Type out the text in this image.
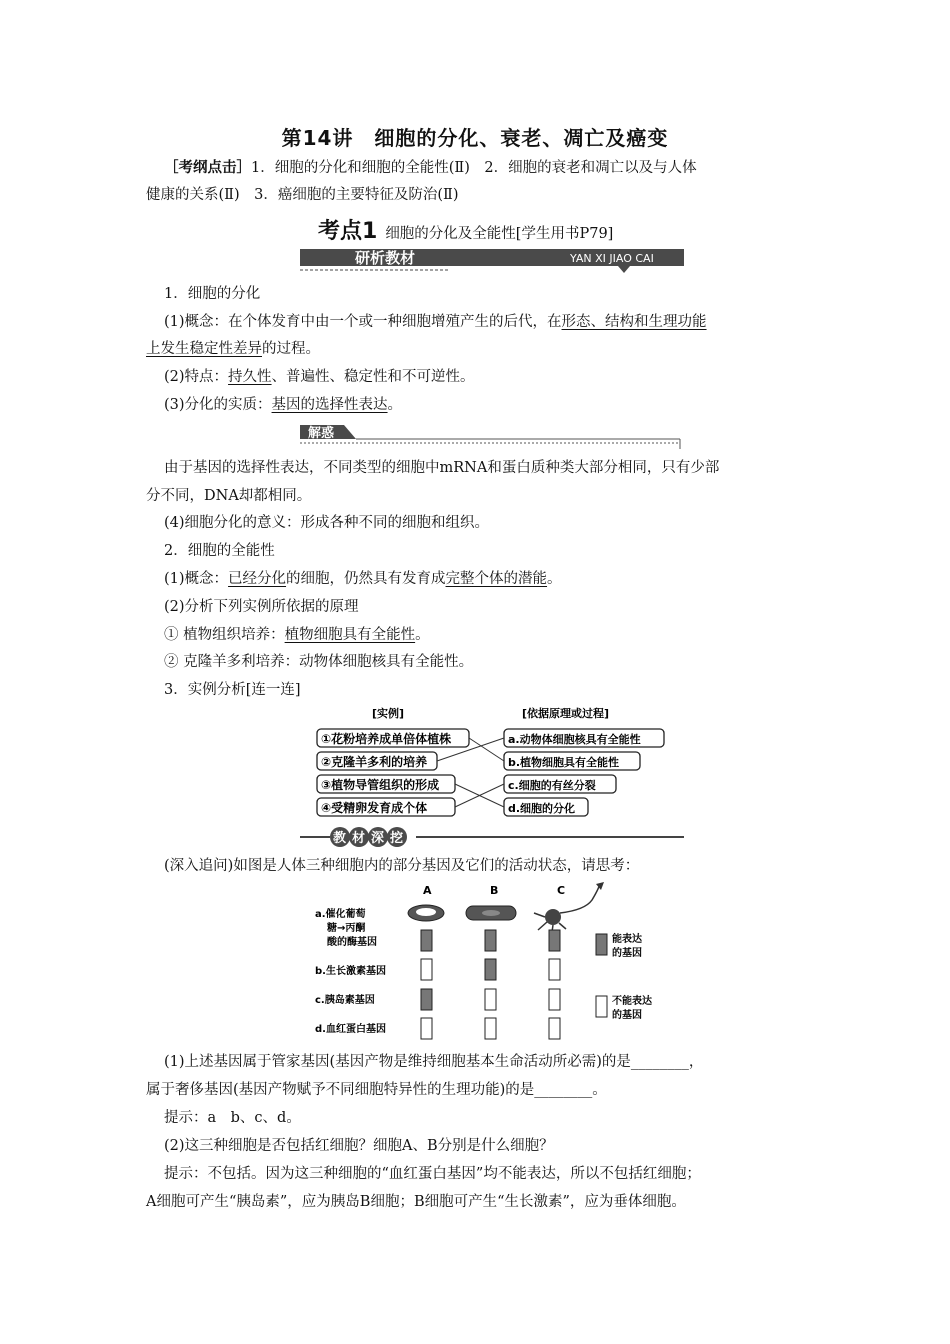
第14讲　细胞的分化、衰老、凋亡及癌变
［考纲点击］1．细胞的分化和细胞的全能性(Ⅱ)　2．细胞的衰老和凋亡以及与人体
健康的关系(Ⅱ)　3．癌细胞的主要特征及防治(Ⅱ)
考点1 细胞的分化及全能性[学生用书P79]
研析教材	YAN XI JIAO CAI
1．细胞的分化
(1)概念：在个体发育中由一个或一种细胞增殖产生的后代，在形态、结构和生理功能
上发生稳定性差异的过程。
(2)特点：持久性、普遍性、稳定性和不可逆性。
(3)分化的实质：基因的选择性表达。
解惑
由于基因的选择性表达，不同类型的细胞中mRNA和蛋白质种类大部分相同，只有少部
分不同，DNA却都相同。
(4)细胞分化的意义：形成各种不同的细胞和组织。
2．细胞的全能性
(1)概念：已经分化的细胞，仍然具有发育成完整个体的潜能。
(2)分析下列实例所依据的原理
① 植物组织培养：植物细胞具有全能性。
② 克隆羊多利培养：动物体细胞核具有全能性。
3．实例分析[连一连]
[实例]	[依据原理或过程]
①花粉培养成单倍体植株
②克隆羊多利的培养
③植物导管组织的形成
④受精卵发育成个体
a.动物体细胞核具有全能性
b.植物细胞具有全能性
c.细胞的有丝分裂
d.细胞的分化
教 材 深 挖
(深入追问)如图是人体三种细胞内的部分基因及它们的活动状态，请思考：
A	B	C
a.催化葡萄
糖→丙酮
酸的酶基因
b.生长激素基因
c.胰岛素基因
d.血红蛋白基因
能表达
的基因
不能表达
的基因
(1)上述基因属于管家基因(基因产物是维持细胞基本生命活动所必需)的是________，
属于奢侈基因(基因产物赋予不同细胞特异性的生理功能)的是________。
提示：a　b、c、d。
(2)这三种细胞是否包括红细胞？细胞A、B分别是什么细胞？
提示：不包括。因为这三种细胞的“血红蛋白基因”均不能表达，所以不包括红细胞；
A细胞可产生“胰岛素”，应为胰岛B细胞；B细胞可产生“生长激素”，应为垂体细胞。
